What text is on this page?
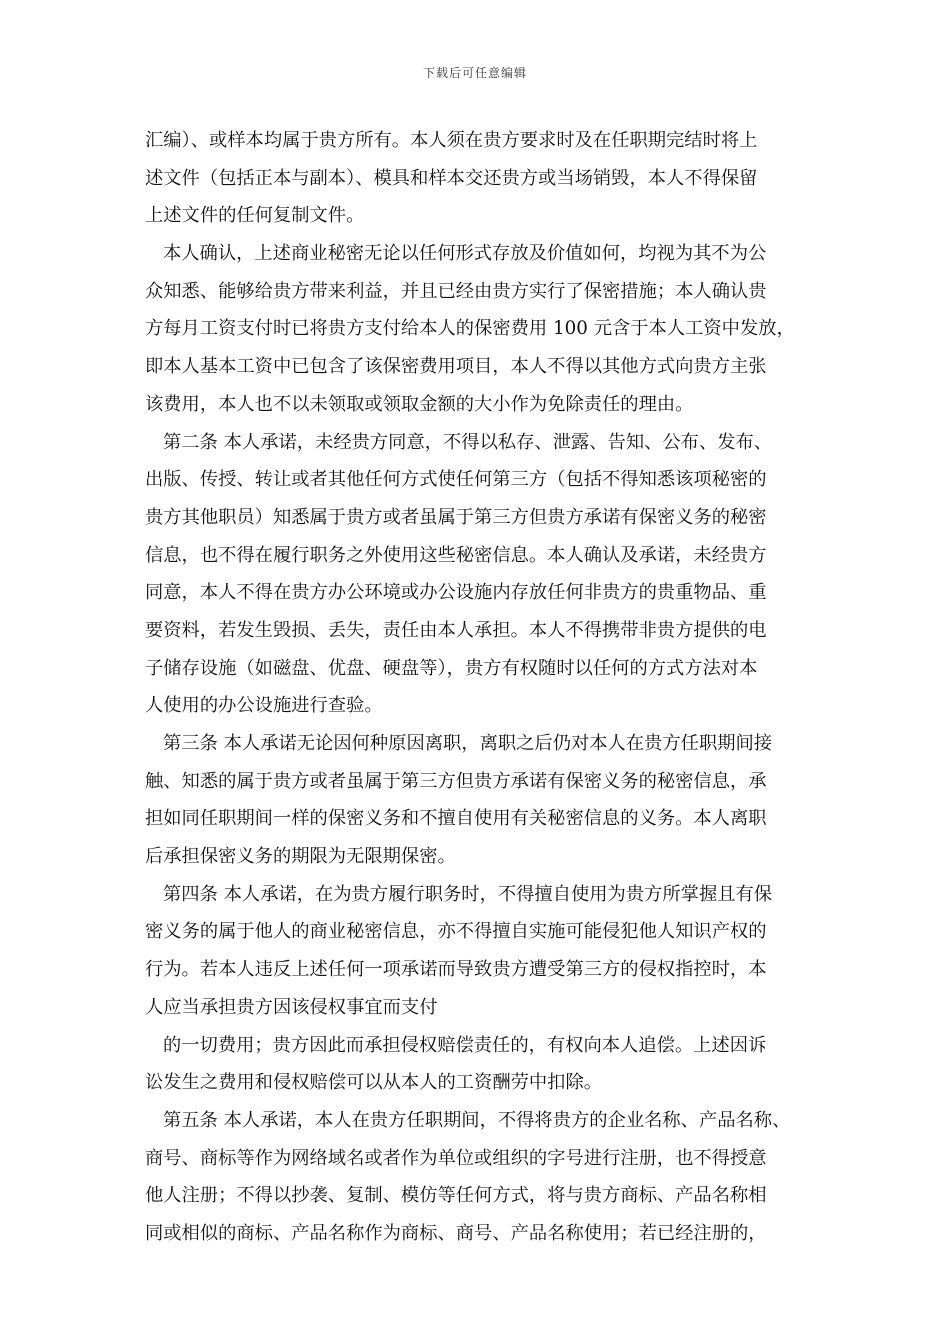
下载后可任意编辑
汇编）、或样本均属于贵方所有。本人须在贵方要求时及在任职期完结时将上
述文件（包括正本与副本）、模具和样本交还贵方或当场销毁，本人不得保留
上述文件的任何复制文件。
本人确认，上述商业秘密无论以任何形式存放及价值如何，均视为其不为公
众知悉、能够给贵方带来利益，并且已经由贵方实行了保密措施；本人确认贵
方每月工资支付时已将贵方支付给本人的保密费用 100 元含于本人工资中发放，
即本人基本工资中已包含了该保密费用项目，本人不得以其他方式向贵方主张
该费用，本人也不以未领取或领取金额的大小作为免除责任的理由。
第二条 本人承诺，未经贵方同意，不得以私存、泄露、告知、公布、发布、
出版、传授、转让或者其他任何方式使任何第三方（包括不得知悉该项秘密的
贵方其他职员）知悉属于贵方或者虽属于第三方但贵方承诺有保密义务的秘密
信息，也不得在履行职务之外使用这些秘密信息。本人确认及承诺，未经贵方
同意，本人不得在贵方办公环境或办公设施内存放任何非贵方的贵重物品、重
要资料，若发生毁损、丢失，责任由本人承担。本人不得携带非贵方提供的电
子储存设施（如磁盘、优盘、硬盘等），贵方有权随时以任何的方式方法对本
人使用的办公设施进行查验。
第三条 本人承诺无论因何种原因离职，离职之后仍对本人在贵方任职期间接
触、知悉的属于贵方或者虽属于第三方但贵方承诺有保密义务的秘密信息，承
担如同任职期间一样的保密义务和不擅自使用有关秘密信息的义务。本人离职
后承担保密义务的期限为无限期保密。
第四条 本人承诺，在为贵方履行职务时，不得擅自使用为贵方所掌握且有保
密义务的属于他人的商业秘密信息，亦不得擅自实施可能侵犯他人知识产权的
行为。若本人违反上述任何一项承诺而导致贵方遭受第三方的侵权指控时，本
人应当承担贵方因该侵权事宜而支付
的一切费用；贵方因此而承担侵权赔偿责任的，有权向本人追偿。上述因诉
讼发生之费用和侵权赔偿可以从本人的工资酬劳中扣除。
第五条 本人承诺，本人在贵方任职期间，不得将贵方的企业名称、产品名称、
商号、商标等作为网络域名或者作为单位或组织的字号进行注册，也不得授意
他人注册；不得以抄袭、复制、模仿等任何方式，将与贵方商标、产品名称相
同或相似的商标、产品名称作为商标、商号、产品名称使用；若已经注册的，
